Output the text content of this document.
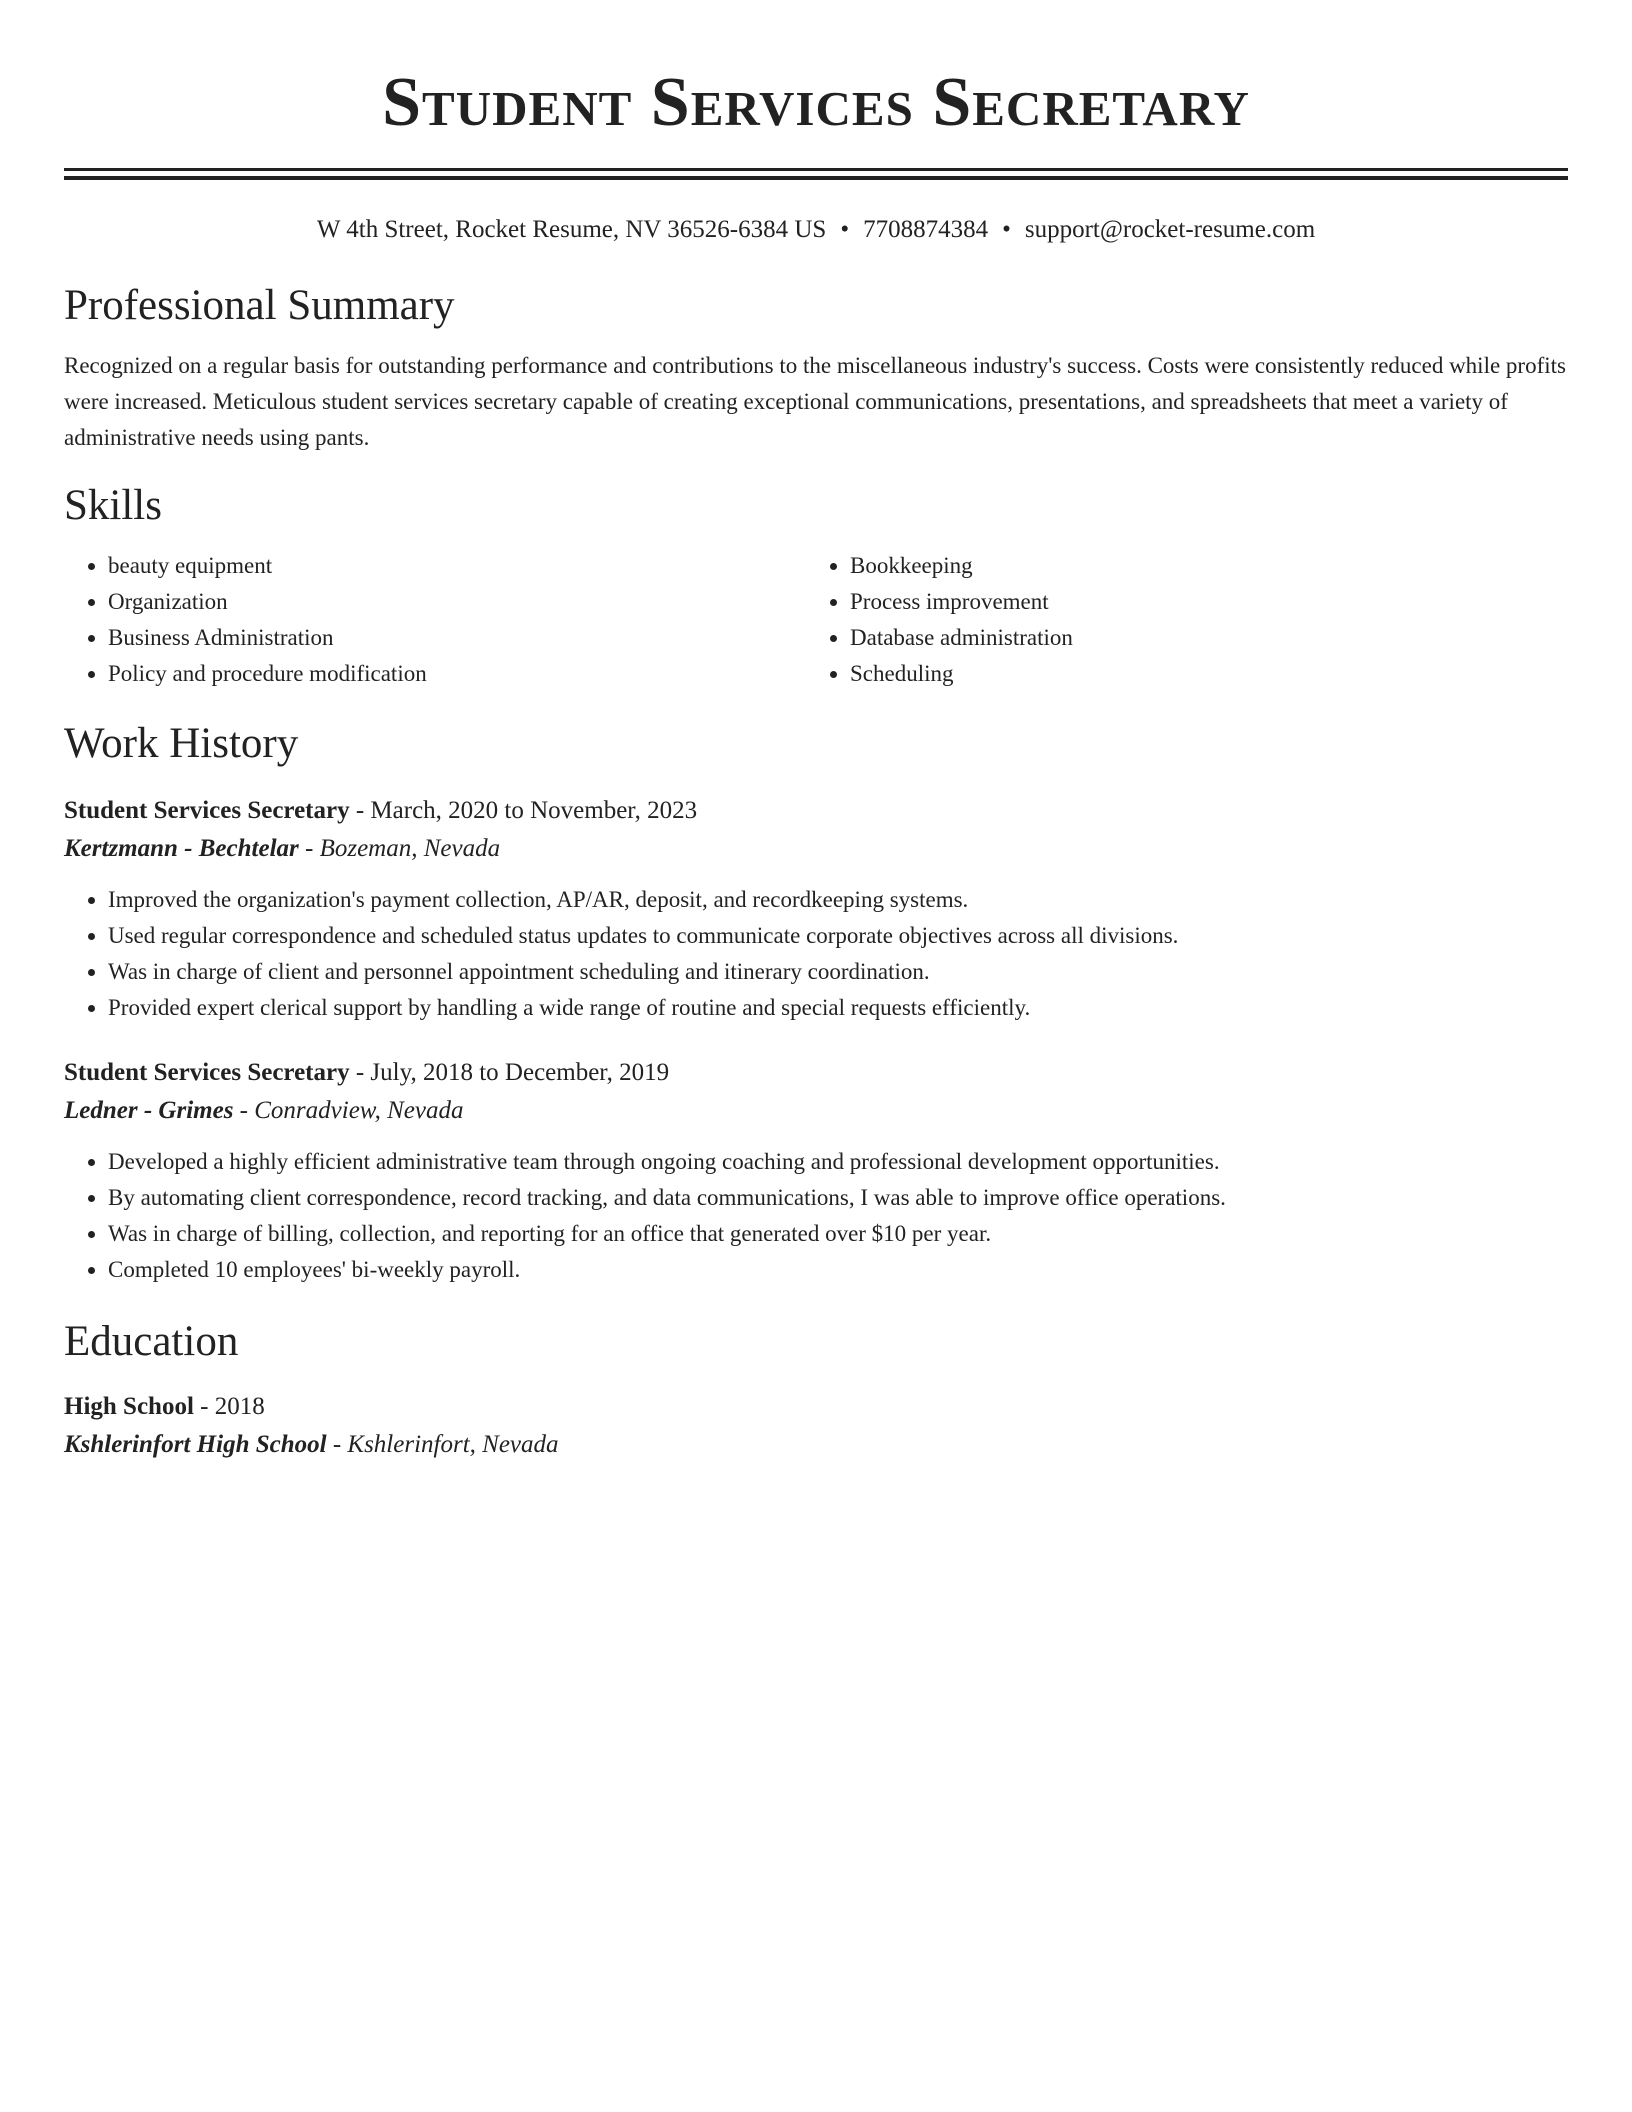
Student Services Secretary
W 4th Street, Rocket Resume, NV 36526-6384 US • 7708874384 • support@rocket-resume.com
Professional Summary
Recognized on a regular basis for outstanding performance and contributions to the miscellaneous industry's success. Costs were consistently reduced while profits were increased. Meticulous student services secretary capable of creating exceptional communications, presentations, and spreadsheets that meet a variety of administrative needs using pants.
Skills
• beauty equipment
• Organization
• Business Administration
• Policy and procedure modification
• Bookkeeping
• Process improvement
• Database administration
• Scheduling
Work History
Student Services Secretary - March, 2020 to November, 2023
Kertzmann - Bechtelar - Bozeman, Nevada
• Improved the organization's payment collection, AP/AR, deposit, and recordkeeping systems.
• Used regular correspondence and scheduled status updates to communicate corporate objectives across all divisions.
• Was in charge of client and personnel appointment scheduling and itinerary coordination.
• Provided expert clerical support by handling a wide range of routine and special requests efficiently.
Student Services Secretary - July, 2018 to December, 2019
Ledner - Grimes - Conradview, Nevada
• Developed a highly efficient administrative team through ongoing coaching and professional development opportunities.
• By automating client correspondence, record tracking, and data communications, I was able to improve office operations.
• Was in charge of billing, collection, and reporting for an office that generated over $10 per year.
• Completed 10 employees' bi-weekly payroll.
Education
High School - 2018
Kshlerinfort High School - Kshlerinfort, Nevada
